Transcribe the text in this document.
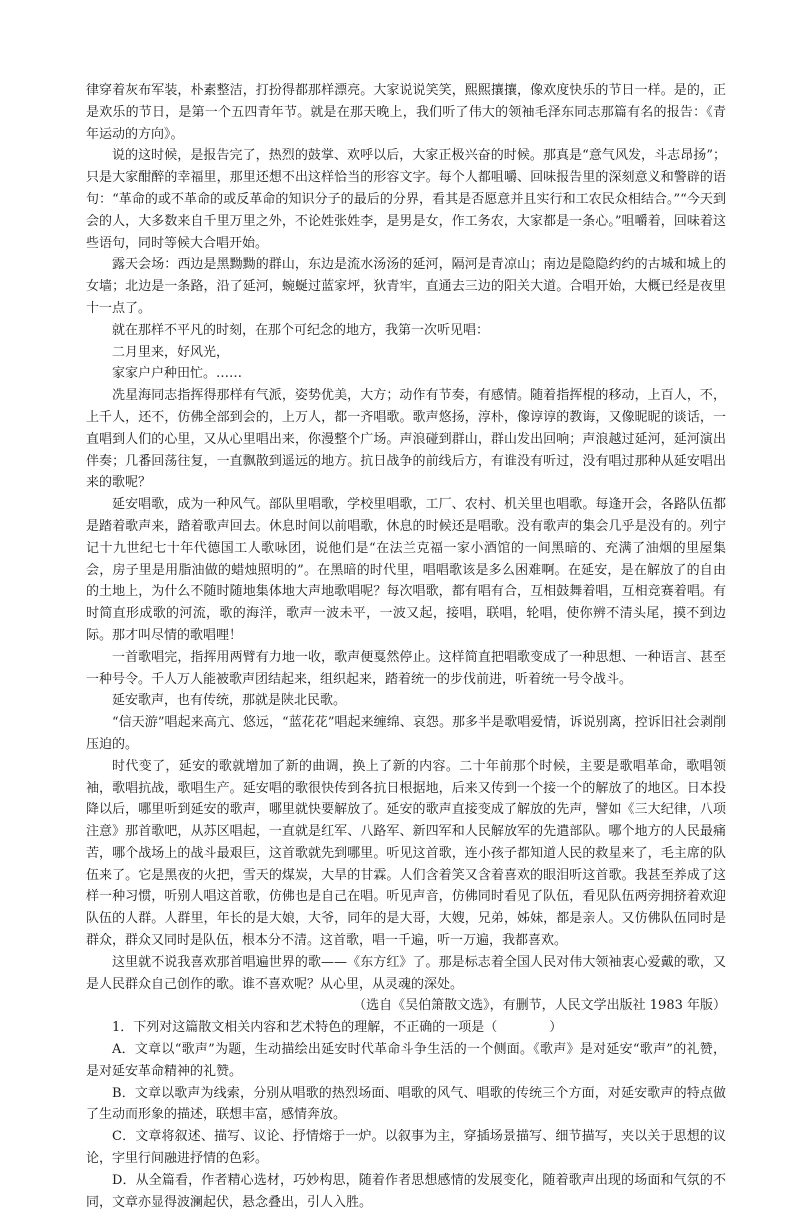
律穿着灰布军装，朴素整洁，打扮得都那样漂亮。大家说说笑笑，熙熙攘攘，像欢度快乐的节日一样。是的，正是欢乐的节日，是第一个五四青年节。就是在那天晚上，我们听了伟大的领袖毛泽东同志那篇有名的报告：《青年运动的方向》。

说的这时候，是报告完了，热烈的鼓掌、欢呼以后，大家正极兴奋的时候。那真是“意气风发，斗志昂扬”；只是大家酣醉的幸福里，那里还想不出这样恰当的形容文字。每个人都咀嚼、回味报告里的深刻意义和警辟的语句：“革命的或不革命的或反革命的知识分子的最后的分界，看其是否愿意并且实行和工农民众相结合。”“今天到会的人，大多数来自千里万里之外，不论姓张姓李，是男是女，作工务农，大家都是一条心。”咀嚼着，回味着这些语句，同时等候大合唱开始。

露天会场：西边是黑黝黝的群山，东边是流水汤汤的延河，隔河是青凉山；南边是隐隐约约的古城和城上的女墙；北边是一条路，沿了延河，蜿蜒过蓝家坪，狄青牢，直通去三边的阳关大道。合唱开始，大概已经是夜里十一点了。

就在那样不平凡的时刻，在那个可纪念的地方，我第一次听见唱：

二月里来，好风光，

家家户户种田忙。……

冼星海同志指挥得那样有气派，姿势优美，大方；动作有节奏，有感情。随着指挥棍的移动，上百人，不，上千人，还不，仿佛全部到会的，上万人，都一齐唱歌。歌声悠扬，淳朴，像谆谆的教诲，又像昵昵的谈话，一直唱到人们的心里，又从心里唱出来，你漫整个广场。声浪碰到群山，群山发出回响；声浪越过延河，延河演出伴奏；几番回荡往复，一直飘散到遥远的地方。抗日战争的前线后方，有谁没有听过，没有唱过那种从延安唱出来的歌呢？

延安唱歌，成为一种风气。部队里唱歌，学校里唱歌，工厂、农村、机关里也唱歌。每逢开会，各路队伍都是踏着歌声来，踏着歌声回去。休息时间以前唱歌，休息的时候还是唱歌。没有歌声的集会几乎是没有的。列宁记十九世纪七十年代德国工人歌咏团，说他们是“在法兰克福一家小酒馆的一间黑暗的、充满了油烟的里屋集会，房子里是用脂油做的蜡烛照明的”。在黑暗的时代里，唱唱歌该是多么困难啊。在延安，是在解放了的自由的土地上，为什么不随时随地集体地大声地歌唱呢？每次唱歌，都有唱有合，互相鼓舞着唱，互相竞赛着唱。有时简直形成歌的河流，歌的海洋，歌声一波未平，一波又起，接唱，联唱，轮唱，使你辨不清头尾，摸不到边际。那才叫尽情的歌唱哩！

一首歌唱完，指挥用两臂有力地一收，歌声便戛然停止。这样简直把唱歌变成了一种思想、一种语言、甚至一种号令。千人万人能被歌声团结起来，组织起来，踏着统一的步伐前进，听着统一号令战斗。

延安歌声，也有传统，那就是陕北民歌。

“信天游”唱起来高亢、悠远，“蓝花花”唱起来缠绵、哀怨。那多半是歌唱爱情，诉说别离，控诉旧社会剥削压迫的。

时代变了，延安的歌就增加了新的曲调，换上了新的内容。二十年前那个时候，主要是歌唱革命，歌唱领袖，歌唱抗战，歌唱生产。延安唱的歌很快传到各抗日根据地，后来又传到一个接一个的解放了的地区。日本投降以后，哪里听到延安的歌声，哪里就快要解放了。延安的歌声直接变成了解放的先声，譬如《三大纪律，八项注意》那首歌吧，从苏区唱起，一直就是红军、八路军、新四军和人民解放军的先遣部队。哪个地方的人民最痛苦，哪个战场上的战斗最艰巨，这首歌就先到哪里。听见这首歌，连小孩子都知道人民的救星来了，毛主席的队伍来了。它是黑夜的火把，雪天的煤炭，大旱的甘霖。人们含着笑又含着喜欢的眼泪听这首歌。我甚至养成了这样一种习惯，听别人唱这首歌，仿佛也是自己在唱。听见声音，仿佛同时看见了队伍，看见队伍两旁拥挤着欢迎队伍的人群。人群里，年长的是大娘，大爷，同年的是大哥，大嫂，兄弟，姊妹，都是亲人。又仿佛队伍同时是群众，群众又同时是队伍，根本分不清。这首歌，唱一千遍，听一万遍，我都喜欢。

这里就不说我喜欢那首唱遍世界的歌——《东方红》了。那是标志着全国人民对伟大领袖衷心爱戴的歌，又是人民群众自己创作的歌。谁不喜欢呢？从心里，从灵魂的深处。

（选自《吴伯箫散文选》，有删节，人民文学出版社 1983 年版）

1．下列对这篇散文相关内容和艺术特色的理解，不正确的一项是（　　　　）

A．文章以“歌声”为题，生动描绘出延安时代革命斗争生活的一个侧面。《歌声》是对延安“歌声”的礼赞，是对延安革命精神的礼赞。

B．文章以歌声为线索，分别从唱歌的热烈场面、唱歌的风气、唱歌的传统三个方面，对延安歌声的特点做了生动而形象的描述，联想丰富，感情奔放。

C．文章将叙述、描写、议论、抒情熔于一炉。以叙事为主，穿插场景描写、细节描写，夹以关于思想的议论，字里行间融进抒情的色彩。

D．从全篇看，作者精心选材，巧妙构思，随着作者思想感情的发展变化，随着歌声出现的场面和气氛的不同，文章亦显得波澜起伏，悬念叠出，引人入胜。
